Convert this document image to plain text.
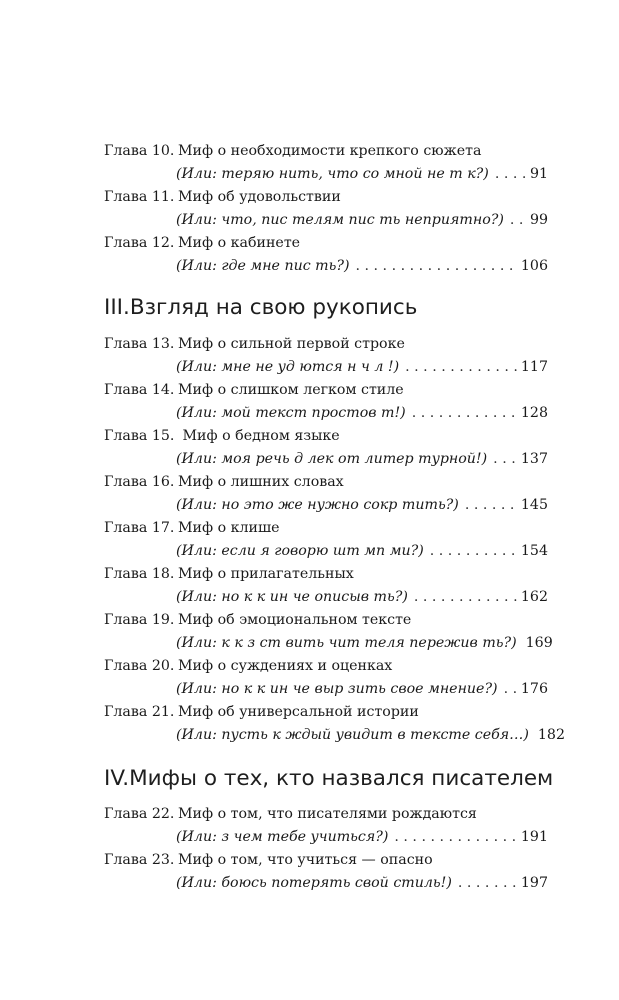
Глава 10. Миф о необходимости крепкого сюжета
(Или: теряю нить, что со мной не т к?) . . .	91
Глава 11. Миф об удовольствии
(Или: что, пис телям пис ть неприятно?) . . . 99
Глава 12. Миф о кабинете
(Или: где мне пис ть?) . . .	106
III.Взгляд на свою рукопись
Глава 13. Миф о сильной первой строке
(Или: мне не уд ются н ч л !) . . .	117
Глава 14. Миф о слишком легком стиле
(Или: мой текст простов т!) . . .	128
Глава 15. Миф о бедном языке
(Или: моя речь д лек от литер турной!) . . . 137
Глава 16. Миф о лишних словах
(Или: но это же нужно сокр тить?) . . .	145
Глава 17. Миф о клише
(Или: если я говорю шт мп ми?) . . .	154
Глава 18. Миф о прилагательных
(Или: но к к ин че описыв ть?) . . .	162
Глава 19. Миф об эмоциональном тексте
(Или: к к з ст вить чит теля пережив ть?) 169
Глава 20. Миф о суждениях и оценках
(Или: но к к ин че выр зить свое мнение?) . . . 176
Глава 21. Миф об универсальной истории
(Или: пусть к ждый увидит в тексте себя…) 182
IV.Мифы о тех, кто назвался писателем
Глава 22. Миф о том, что писателями рождаются
(Или: з чем тебе учиться?) . . .	191
Глава 23. Миф о том, что учиться — опасно
(Или: боюсь потерять свой стиль!) . . .	197
